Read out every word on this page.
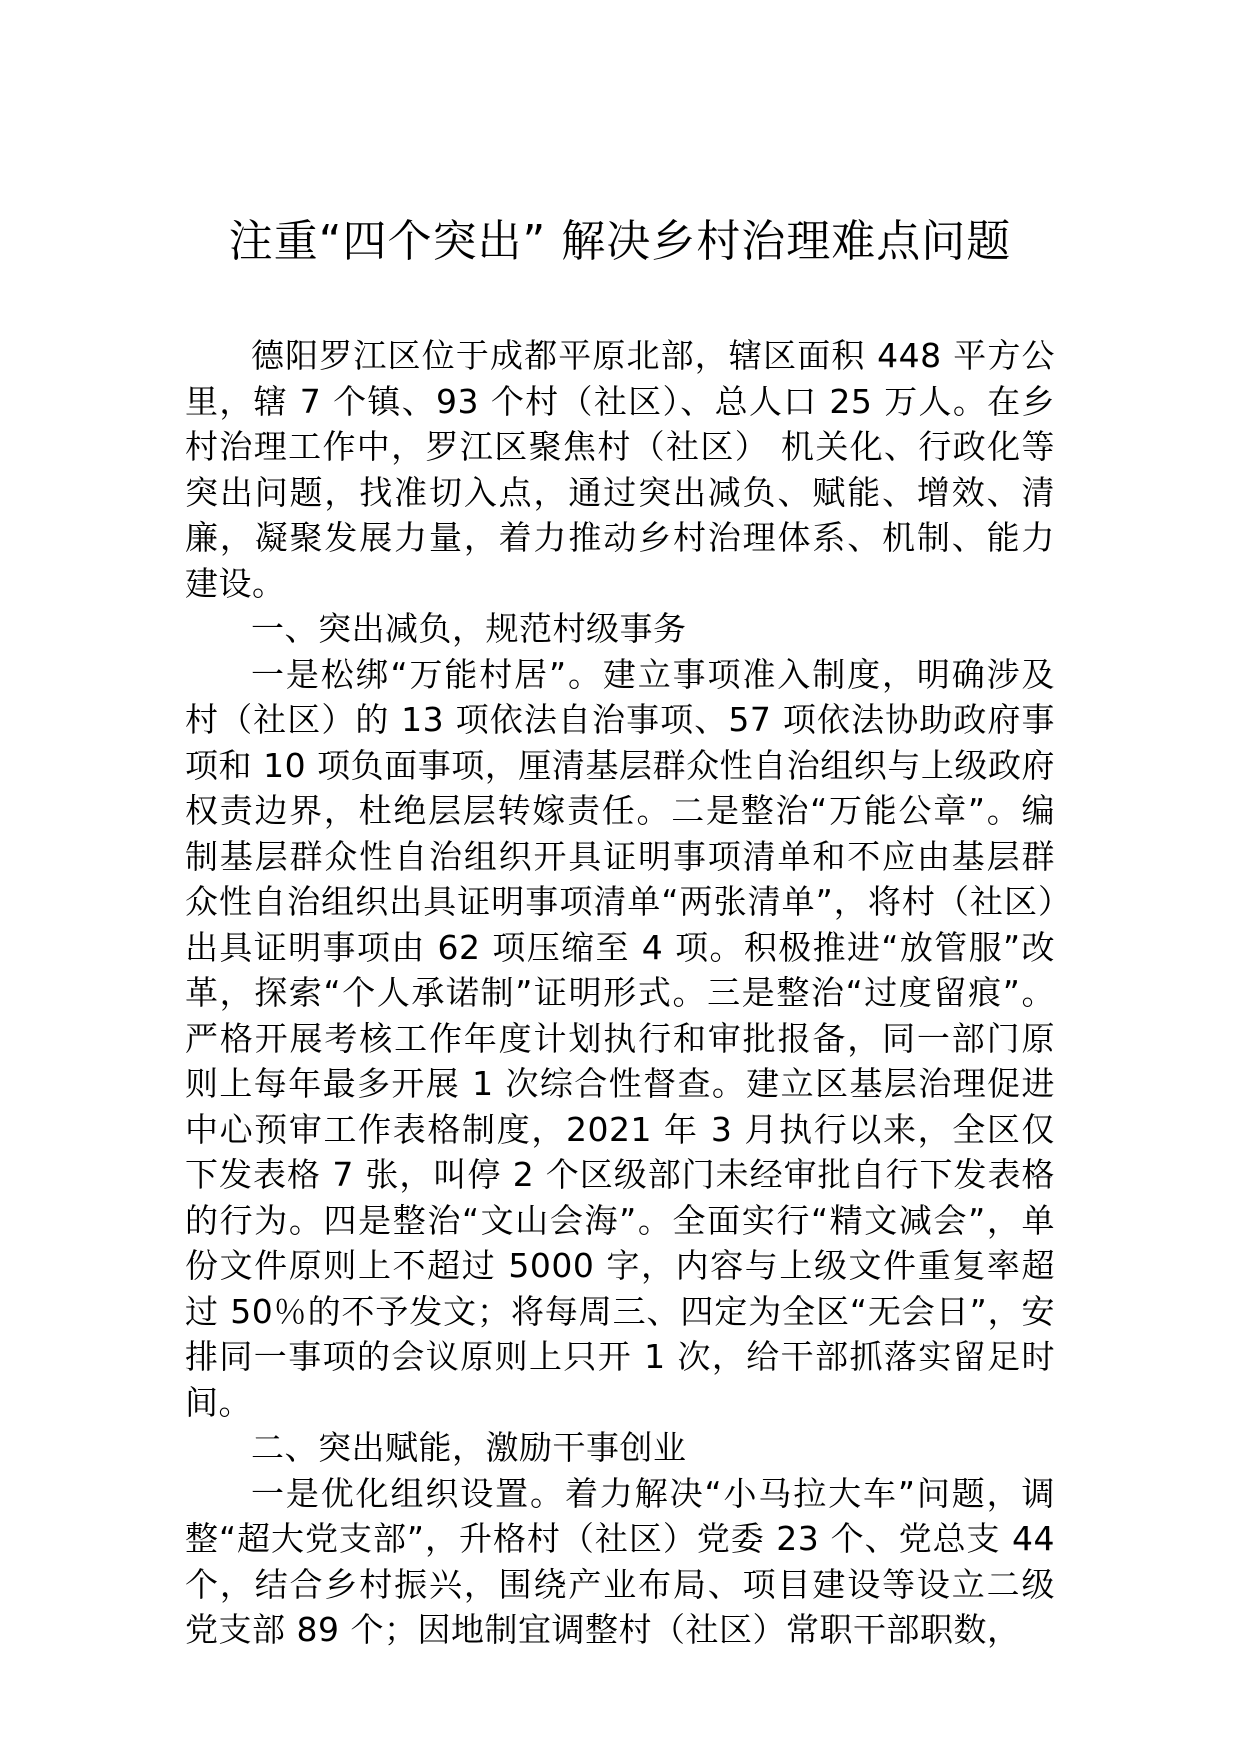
注重“四个突出” 解决乡村治理难点问题

德阳罗江区位于成都平原北部，辖区面积 448 平方公里，辖 7 个镇、93 个村（社区）、总人口 25 万人。在乡村治理工作中，罗江区聚焦村（社区） 机关化、行政化等突出问题，找准切入点，通过突出减负、赋能、增效、清廉，凝聚发展力量，着力推动乡村治理体系、机制、能力建设。

一、突出减负，规范村级事务

一是松绑“万能村居”。建立事项准入制度，明确涉及村（社区）的 13 项依法自治事项、57 项依法协助政府事项和 10 项负面事项，厘清基层群众性自治组织与上级政府权责边界，杜绝层层转嫁责任。二是整治“万能公章”。编制基层群众性自治组织开具证明事项清单和不应由基层群众性自治组织出具证明事项清单“两张清单”，将村（社区）出具证明事项由 62 项压缩至 4 项。积极推进“放管服”改革，探索“个人承诺制”证明形式。三是整治“过度留痕”。严格开展考核工作年度计划执行和审批报备，同一部门原则上每年最多开展 1 次综合性督查。建立区基层治理促进中心预审工作表格制度，2021 年 3 月执行以来，全区仅下发表格 7 张，叫停 2 个区级部门未经审批自行下发表格的行为。四是整治“文山会海”。全面实行“精文减会”，单份文件原则上不超过 5000 字，内容与上级文件重复率超过 50％的不予发文；将每周三、四定为全区“无会日”，安排同一事项的会议原则上只开 1 次，给干部抓落实留足时间。

二、突出赋能，激励干事创业

一是优化组织设置。着力解决“小马拉大车”问题，调整“超大党支部”，升格村（社区）党委 23 个、党总支 44 个，结合乡村振兴，围绕产业布局、项目建设等设立二级党支部 89 个；因地制宜调整村（社区）常职干部职数，
